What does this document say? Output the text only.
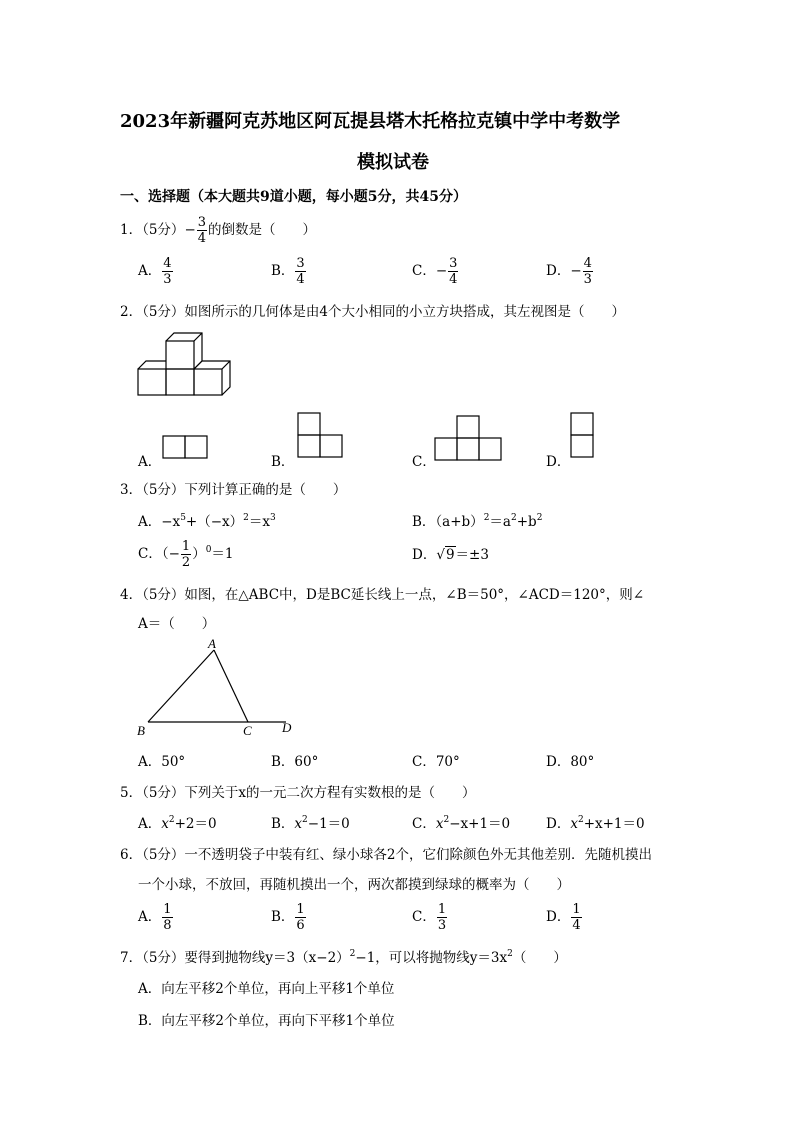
2023年新疆阿克苏地区阿瓦提县塔木托格拉克镇中学中考数学
模拟试卷
一、选择题（本大题共9道小题，每小题5分，共45分）
1．（5分）− $\frac{3}{4}$ 的倒数是（　　）
A． $\frac{4}{3}$	B． $\frac{3}{4}$	C．− $\frac{3}{4}$	D．− $\frac{4}{3}$
2．（5分）如图所示的几何体是由4个大小相同的小立方块搭成，其左视图是（　　）
A．	B．	C．	D．
3．（5分）下列计算正确的是（　　）
A．$-x^5+(-x)^2=x^3$	B．$(a+b)^2=a^2+b^2$
C．（− $\frac{1}{2} )^0=1$	D．√9＝±3
4．（5分）如图，在△ABC中，D是BC延长线上一点，∠B＝50°，∠ACD＝120°，则∠
A＝（　　）
A
B	C D
A．50°	B．60°	C．70°	D．80°
5．（5分）下列关于x的一元二次方程有实数根的是（　　）
A．$x^2+2=0$	B．$x^2-1=0$	C．$x^2-x+1=0$	D．$x^2+x+1=0$
6．（5分）一不透明袋子中装有红、绿小球各2个，它们除颜色外无其他差别．先随机摸出
一个小球，不放回，再随机摸出一个，两次都摸到绿球的概率为（　　）
A． $\frac{1}{8}$	B． $\frac{1}{6}$	C． $\frac{1}{3}$	D． $\frac{1}{4}$
7．（5分）要得到抛物线$y=3(x-2)^2-1$，可以将抛物线$y=3x^2$（　　）
A．向左平移2个单位，再向上平移1个单位
B．向左平移2个单位，再向下平移1个单位
